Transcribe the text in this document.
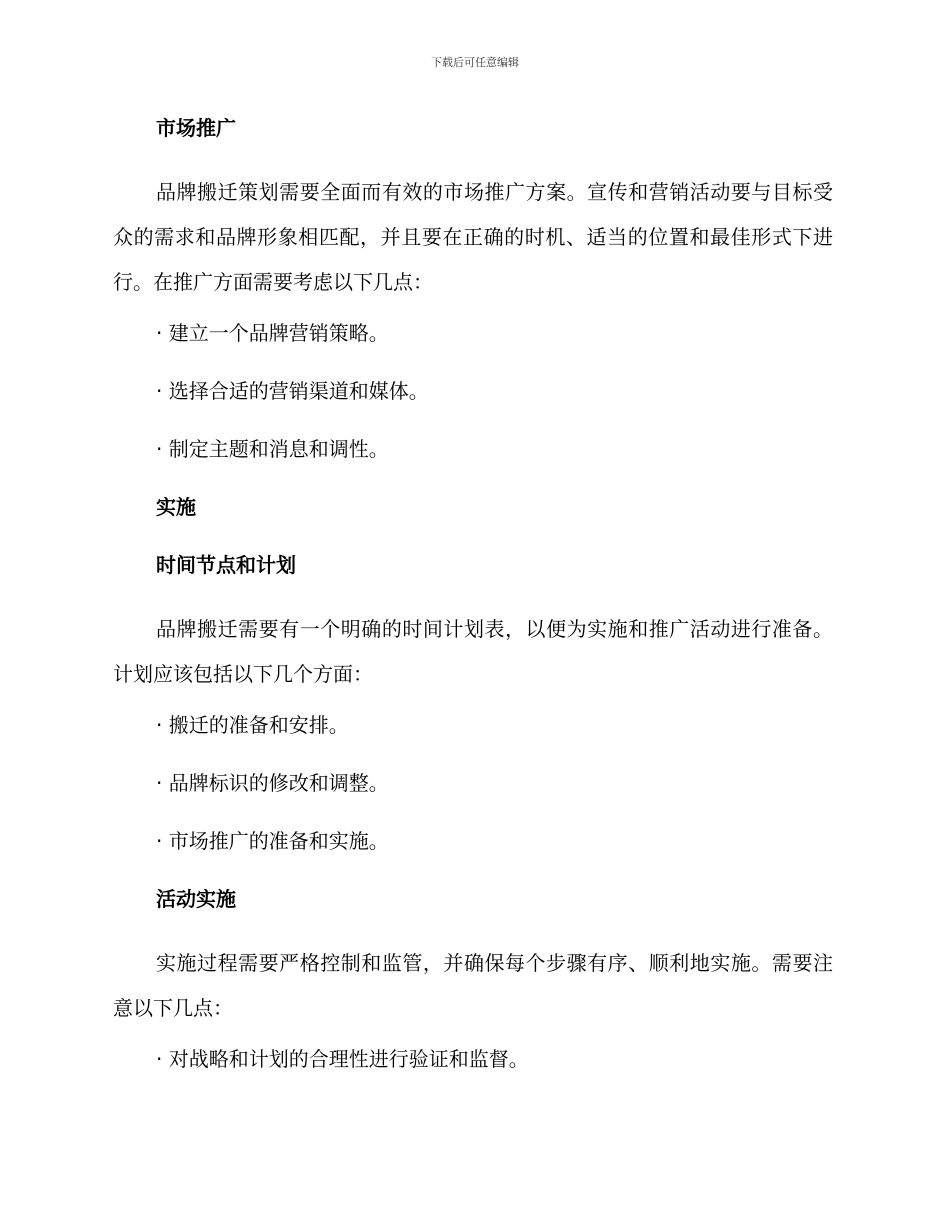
下载后可任意编辑
市场推广
品牌搬迁策划需要全面而有效的市场推广方案。宣传和营销活动要与目标受众的需求和品牌形象相匹配，并且要在正确的时机、适当的位置和最佳形式下进行。在推广方面需要考虑以下几点：
· 建立一个品牌营销策略。
· 选择合适的营销渠道和媒体。
· 制定主题和消息和调性。
实施
时间节点和计划
品牌搬迁需要有一个明确的时间计划表，以便为实施和推广活动进行准备。计划应该包括以下几个方面：
· 搬迁的准备和安排。
· 品牌标识的修改和调整。
· 市场推广的准备和实施。
活动实施
实施过程需要严格控制和监管，并确保每个步骤有序、顺利地实施。需要注意以下几点：
· 对战略和计划的合理性进行验证和监督。
